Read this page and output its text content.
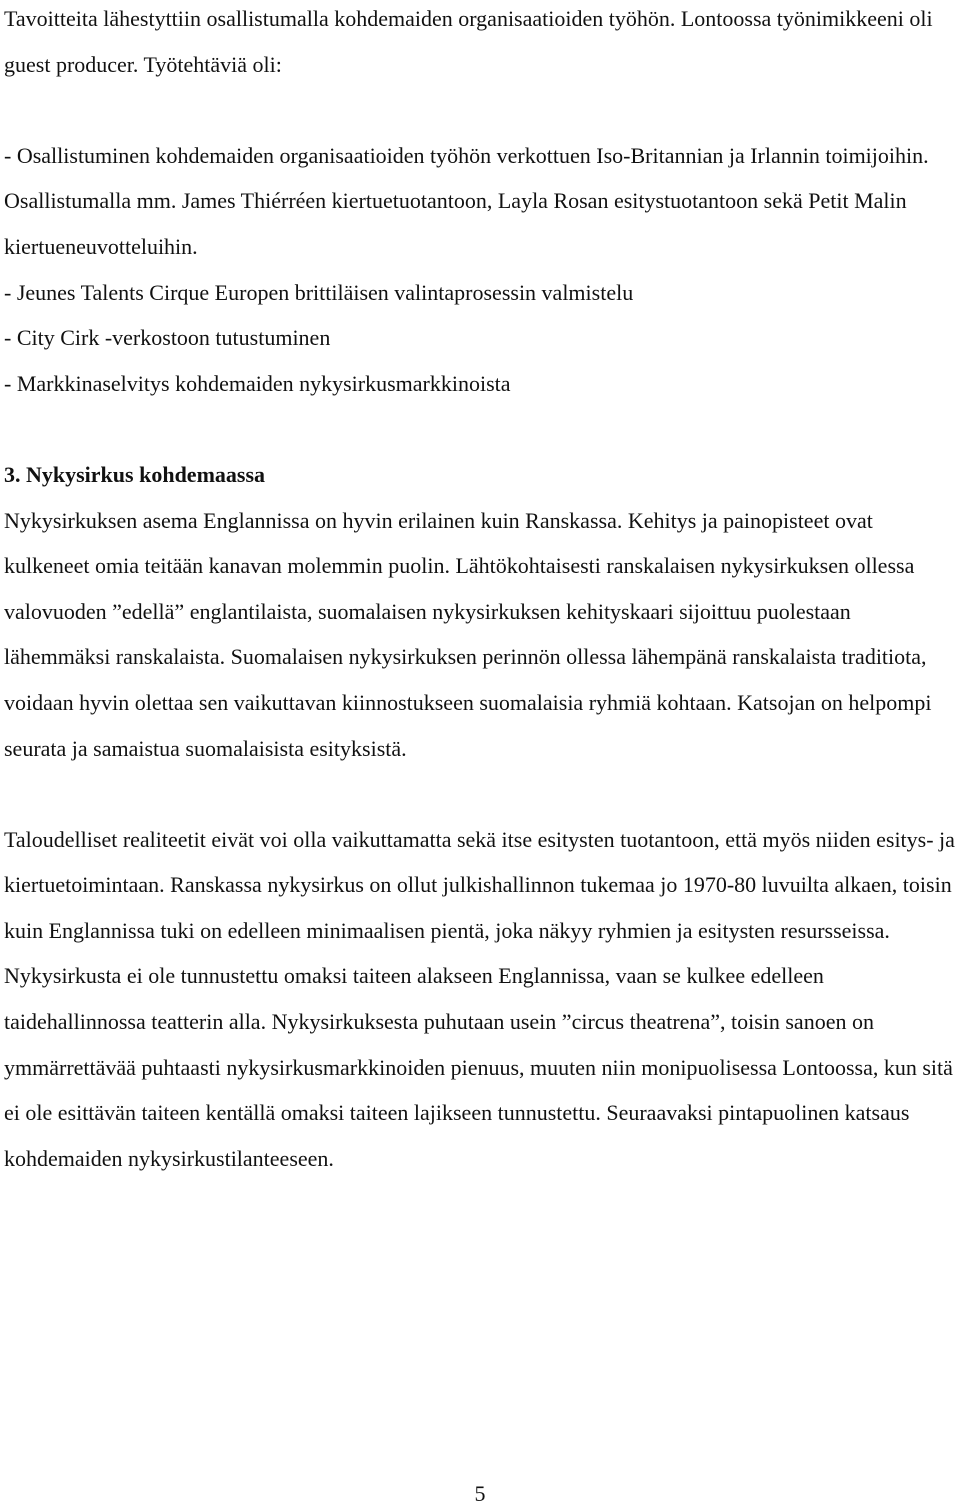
Tavoitteita lähestyttiin osallistumalla kohdemaiden organisaatioiden työhön. Lontoossa työnimikkeeni oli guest producer. Työtehtäviä oli:

- Osallistuminen kohdemaiden organisaatioiden työhön verkottuen Iso-Britannian ja Irlannin toimijoihin. Osallistumalla mm. James Thiérréen kiertuetuotantoon, Layla Rosan esitystuotantoon sekä Petit Malin kiertueneuvotteluihin.

- Jeunes Talents Cirque Europen brittiläisen valintaprosessin valmistelu

- City Cirk -verkostoon tutustuminen

- Markkinaselvitys kohdemaiden nykysirkusmarkkinoista

3. Nykysirkus kohdemaassa

Nykysirkuksen asema Englannissa on hyvin erilainen kuin Ranskassa. Kehitys ja painopisteet ovat kulkeneet omia teitään kanavan molemmin puolin. Lähtökohtaisesti ranskalaisen nykysirkuksen ollessa valovuoden ”edellä” englantilaista, suomalaisen nykysirkuksen kehityskaari sijoittuu puolestaan lähemmäksi ranskalaista. Suomalaisen nykysirkuksen perinnön ollessa lähempänä ranskalaista traditiota, voidaan hyvin olettaa sen vaikuttavan kiinnostukseen suomalaisia ryhmiä kohtaan. Katsojan on helpompi seurata ja samaistua suomalaisista esityksistä.

Taloudelliset realiteetit eivät voi olla vaikuttamatta sekä itse esitysten tuotantoon, että myös niiden esitys- ja kiertuetoimintaan. Ranskassa nykysirkus on ollut julkishallinnon tukemaa jo 1970-80 luvuilta alkaen, toisin kuin Englannissa tuki on edelleen minimaalisen pientä, joka näkyy ryhmien ja esitysten resursseissa. Nykysirkusta ei ole tunnustettu omaksi taiteen alakseen Englannissa, vaan se kulkee edelleen taidehallinnossa teatterin alla. Nykysirkuksesta puhutaan usein ”circus theatrena”, toisin sanoen on ymmärrettävää puhtaasti nykysirkusmarkkinoiden pienuus, muuten niin monipuolisessa Lontoossa, kun sitä ei ole esittävän taiteen kentällä omaksi taiteen lajikseen tunnustettu. Seuraavaksi pintapuolinen katsaus kohdemaiden nykysirkustilanteeseen.

5
